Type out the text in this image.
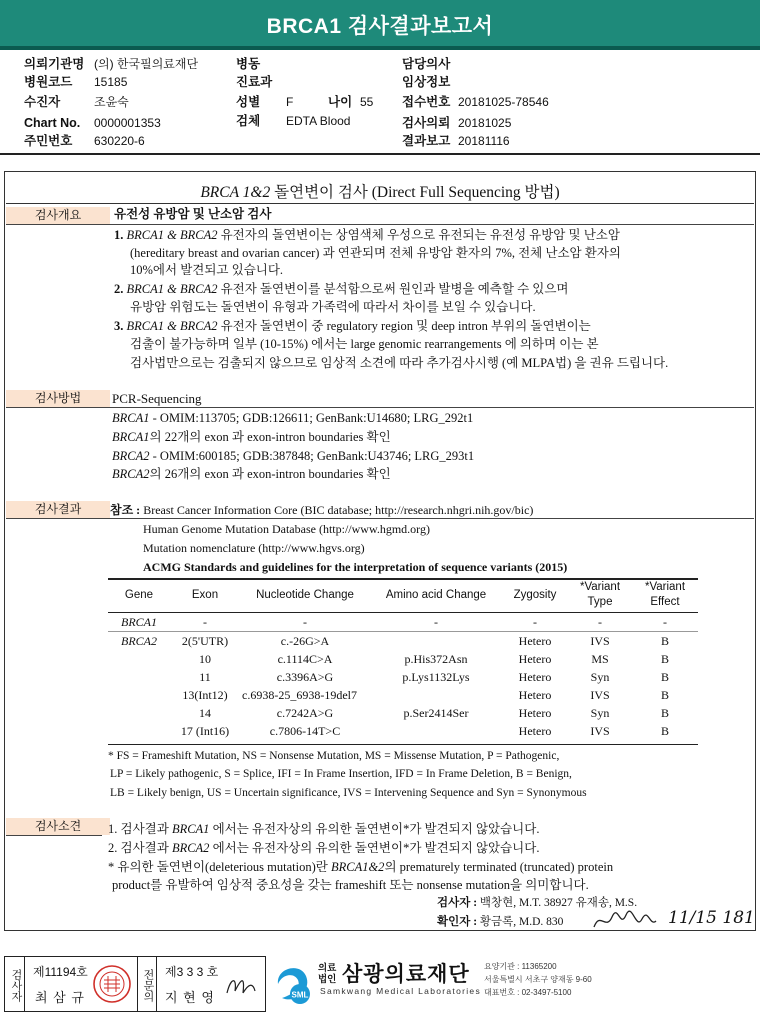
BRCA1 검사결과보고서
의뢰기관명 (의) 한국필의료재단
병원코드 15185
수진자	조윤숙
Chart No. 0000001353
주민번호 630220-6
병동
진료과
성별 F	나이 55
검체 EDTA Blood
담당의사
임상정보
접수번호 20181025-78546
검사의뢰 20181025
결과보고 20181116
BRCA 1&2 돌연변이 검사 (Direct Full Sequencing 방법)
검사개요	유전성 유방암 및 난소암 검사
1. BRCA1 & BRCA2 유전자의 돌연변이는 상염색체 우성으로 유전되는 유전성 유방암 및 난소암
(hereditary breast and ovarian cancer) 과 연관되며 전체 유방암 환자의 7%, 전체 난소암 환자의
10%에서 발견되고 있습니다.
2. BRCA1 & BRCA2 유전자 돌연변이를 분석함으로써 원인과 발병을 예측할 수 있으며
유방암 위험도는 돌연변이 유형과 가족력에 따라서 차이를 보일 수 있습니다.
3. BRCA1 & BRCA2 유전자 돌연변이 중 regulatory region 및 deep intron 부위의 돌연변이는
검출이 불가능하며 일부 (10-15%) 에서는 large genomic rearrangements 에 의하며 이는 본
검사법만으로는 검출되지 않으므로 임상적 소견에 따라 추가검사시행 (예 MLPA법) 을 권유 드립니다.
검사방법	PCR-Sequencing
BRCA1 - OMIM:113705; GDB:126611; GenBank:U14680; LRG_292t1
BRCA1의 22개의 exon 과 exon-intron boundaries 확인
BRCA2 - OMIM:600185; GDB:387848; GenBank:U43746; LRG_293t1
BRCA2의 26개의 exon 과 exon-intron boundaries 확인
검사결과	참조 : Breast Cancer Information Core (BIC database; http://research.nhgri.nih.gov/bic)
Human Genome Mutation Database (http://www.hgmd.org)
Mutation nomenclature (http://www.hgvs.org)
ACMG Standards and guidelines for the interpretation of sequence variants (2015)
Gene	Exon	Nucleotide Change	Amino acid Change	Zygosity	*Variant Type	*Variant Effect
BRCA1	-	-	-	-	-	-
BRCA2	2(5'UTR)	c.-26G>A		Hetero	IVS	B
	10	c.1114C>A	p.His372Asn	Hetero	MS	B
	11	c.3396A>G	p.Lys1132Lys	Hetero	Syn	B
	13(Int12)	c.6938-25_6938-19del7		Hetero	IVS	B
	14	c.7242A>G	p.Ser2414Ser	Hetero	Syn	B
	17 (Int16)	c.7806-14T>C		Hetero	IVS	B
* FS = Frameshift Mutation, NS = Nonsense Mutation, MS = Missense Mutation, P = Pathogenic,
LP = Likely pathogenic, S = Splice, IFI = In Frame Insertion, IFD = In Frame Deletion, B = Benign,
LB = Likely benign, US = Uncertain significance, IVS = Intervening Sequence and Syn = Synonymous
검사소견	1. 검사결과 BRCA1 에서는 유전자상의 유의한 돌연변이*가 발견되지 않았습니다.
2. 검사결과 BRCA2 에서는 유전자상의 유의한 돌연변이*가 발견되지 않았습니다.
* 유의한 돌연변이(deleterious mutation)란 BRCA1&2의 prematurely terminated (truncated) protein
product를 유발하여 임상적 중요성을 갖는 frameshift 또는 nonsense mutation을 의미합니다.
검사자 : 백창현, M.T. 38927 유재송, M.S.
확인자 : 황금록, M.D. 830	11/15 181
검사자 제11194호
최 삼 규	전문의 제3 3 3 호
지 현 영	SML
의료법인 삼광의료재단
Samkwang Medical Laboratories
요양기관 : 11365200
서울특별시 서초구 양재동 9-60
대표번호 : 02-3497-5100
